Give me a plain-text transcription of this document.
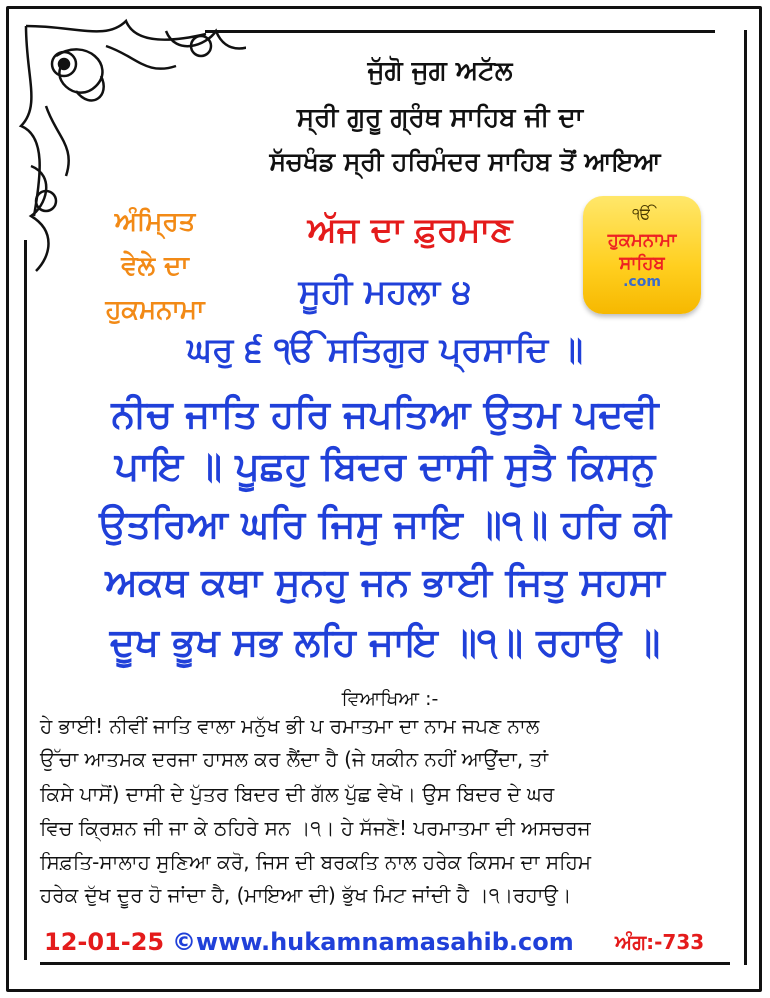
ਜੁੱਗੋ ਜੁਗ ਅਟੱਲ
ਸ੍ਰੀ ਗੁਰੂ ਗ੍ਰੰਥ ਸਾਹਿਬ ਜੀ ਦਾ
ਸੱਚਖੰਡ ਸ੍ਰੀ ਹਰਿਮੰਦਰ ਸਾਹਿਬ ਤੋਂ ਆਇਆ
ਅੰਮ੍ਰਿਤ
ਵੇਲੇ ਦਾ
ਹੁਕਮਨਾਮਾ
ਅੱਜ ਦਾ ਫ਼ੁਰਮਾਣ	ੴ
ਹੁਕਮਨਾਮਾ
ਸਾਹਿਬ
.com
ਸੂਹੀ ਮਹਲਾ ੪
ਘਰੁ ੬ ੴ ਸਤਿਗੁਰ ਪ੍ਰਸਾਦਿ ॥
ਨੀਚ ਜਾਤਿ ਹਰਿ ਜਪਤਿਆ ਉਤਮ ਪਦਵੀ
ਪਾਇ ॥ ਪੂਛਹੁ ਬਿਦਰ ਦਾਸੀ ਸੁਤੈ ਕਿਸਨੁ
ਉਤਰਿਆ ਘਰਿ ਜਿਸੁ ਜਾਇ ॥੧॥ ਹਰਿ ਕੀ
ਅਕਥ ਕਥਾ ਸੁਨਹੁ ਜਨ ਭਾਈ ਜਿਤੁ ਸਹਸਾ
ਦੂਖ ਭੂਖ ਸਭ ਲਹਿ ਜਾਇ ॥੧॥ ਰਹਾਉ ॥
ਵਿਆਖਿਆ :-
ਹੇ ਭਾਈ! ਨੀਵੀਂ ਜਾਤਿ ਵਾਲਾ ਮਨੁੱਖ ਭੀ ਪ ਰਮਾਤਮਾ ਦਾ ਨਾਮ ਜਪਣ ਨਾਲ
ਉੱਚਾ ਆਤਮਕ ਦਰਜਾ ਹਾਸਲ ਕਰ ਲੈਂਦਾ ਹੈ (ਜੇ ਯਕੀਨ ਨਹੀਂ ਆਉਂਦਾ, ਤਾਂ
ਕਿਸੇ ਪਾਸੋਂ) ਦਾਸੀ ਦੇ ਪੁੱਤਰ ਬਿਦਰ ਦੀ ਗੱਲ ਪੁੱਛ ਵੇਖੋ। ਉਸ ਬਿਦਰ ਦੇ ਘਰ
ਵਿਚ ਕ੍ਰਿਸ਼ਨ ਜੀ ਜਾ ਕੇ ਠਹਿਰੇ ਸਨ ।੧। ਹੇ ਸੱਜਣੋ! ਪਰਮਾਤਮਾ ਦੀ ਅਸਚਰਜ
ਸਿਫ਼ਤਿ-ਸਾਲਾਹ ਸੁਣਿਆ ਕਰੋ, ਜਿਸ ਦੀ ਬਰਕਤਿ ਨਾਲ ਹਰੇਕ ਕਿਸਮ ਦਾ ਸਹਿਮ
ਹਰੇਕ ਦੁੱਖ ਦੂਰ ਹੋ ਜਾਂਦਾ ਹੈ, (ਮਾਇਆ ਦੀ) ਭੁੱਖ ਮਿਟ ਜਾਂਦੀ ਹੈ ।੧।ਰਹਾਉ।
12-01-25 ©www.hukamnamasahib.com ਅੰਗ:-733
